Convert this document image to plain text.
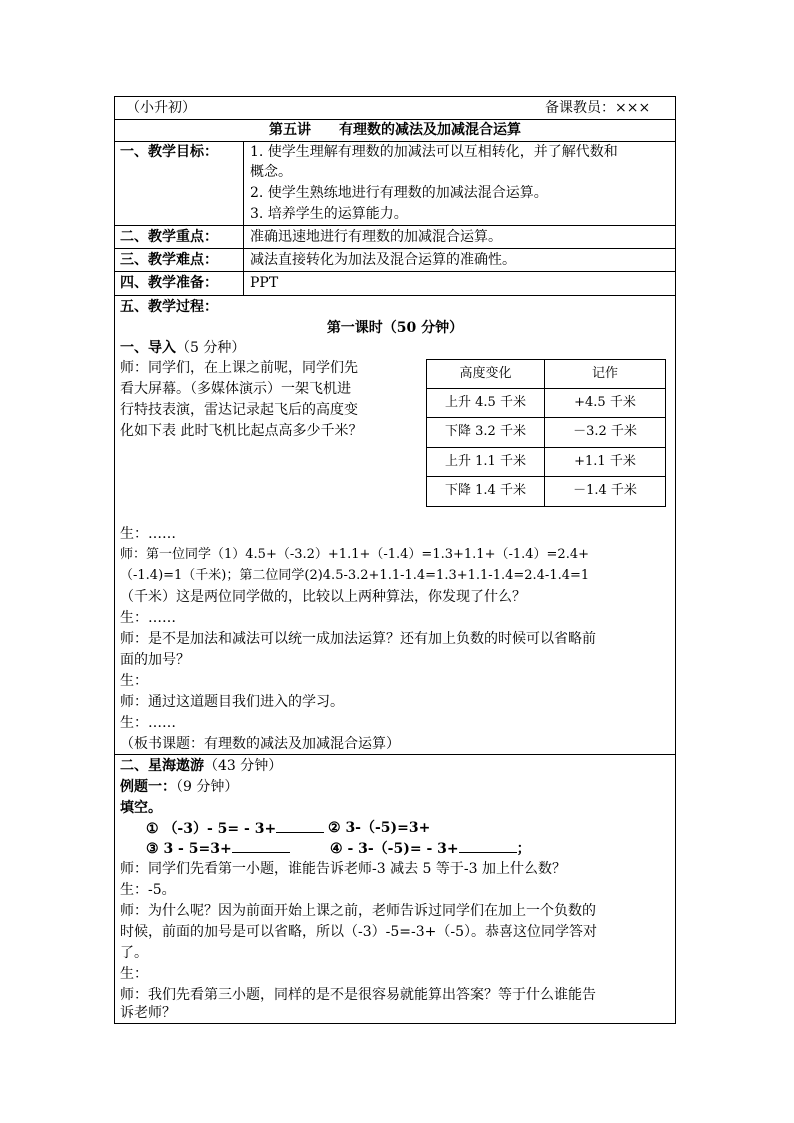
（小升初）	备课教员：×××
第五讲　　有理数的减法及加减混合运算
一、教学目标： 1. 使学生理解有理数的加减法可以互相转化，并了解代数和
概念。
2. 使学生熟练地进行有理数的加减法混合运算。
3. 培养学生的运算能力。
二、教学重点： 准确迅速地进行有理数的加减混合运算。
三、教学难点： 减法直接转化为加法及混合运算的准确性。
四、教学准备： PPT
五、教学过程：
第一课时（50 分钟）
一、导入（5 分种）
师：同学们，在上课之前呢，同学们先
看大屏幕。（多媒体演示）一架飞机进
行特技表演，雷达记录起飞后的高度变
化如下表 此时飞机比起点高多少千米？
高度变化	记作
上升 4.5 千米	+4.5 千米
下降 3.2 千米	－3.2 千米
上升 1.1 千米	+1.1 千米
下降 1.4 千米	－1.4 千米
生：……
师：第一位同学（1）4.5+（-3.2）+1.1+（-1.4）=1.3+1.1+（-1.4）=2.4+
（-1.4)=1（千米)；第二位同学(2)4.5-3.2+1.1-1.4=1.3+1.1-1.4=2.4-1.4=1
（千米）这是两位同学做的，比较以上两种算法，你发现了什么？
生：……
师：是不是加法和减法可以统一成加法运算？还有加上负数的时候可以省略前
面的加号？
生：
师：通过这道题目我们进入的学习。
生：……
（板书课题：有理数的减法及加减混合运算）
二、星海遨游（43 分钟）
例题一：（9 分钟）
填空。
① （-3）- 5= - 3+	② 3-（-5)=3+
③ 3 - 5=3+	④ - 3-（-5)= - 3+	；
师：同学们先看第一小题，谁能告诉老师-3 减去 5 等于-3 加上什么数？
生：-5。
师：为什么呢？因为前面开始上课之前，老师告诉过同学们在加上一个负数的
时候，前面的加号是可以省略，所以（-3）-5=-3+（-5）。恭喜这位同学答对
了。
生：
师：我们先看第三小题，同样的是不是很容易就能算出答案？等于什么谁能告
诉老师？
